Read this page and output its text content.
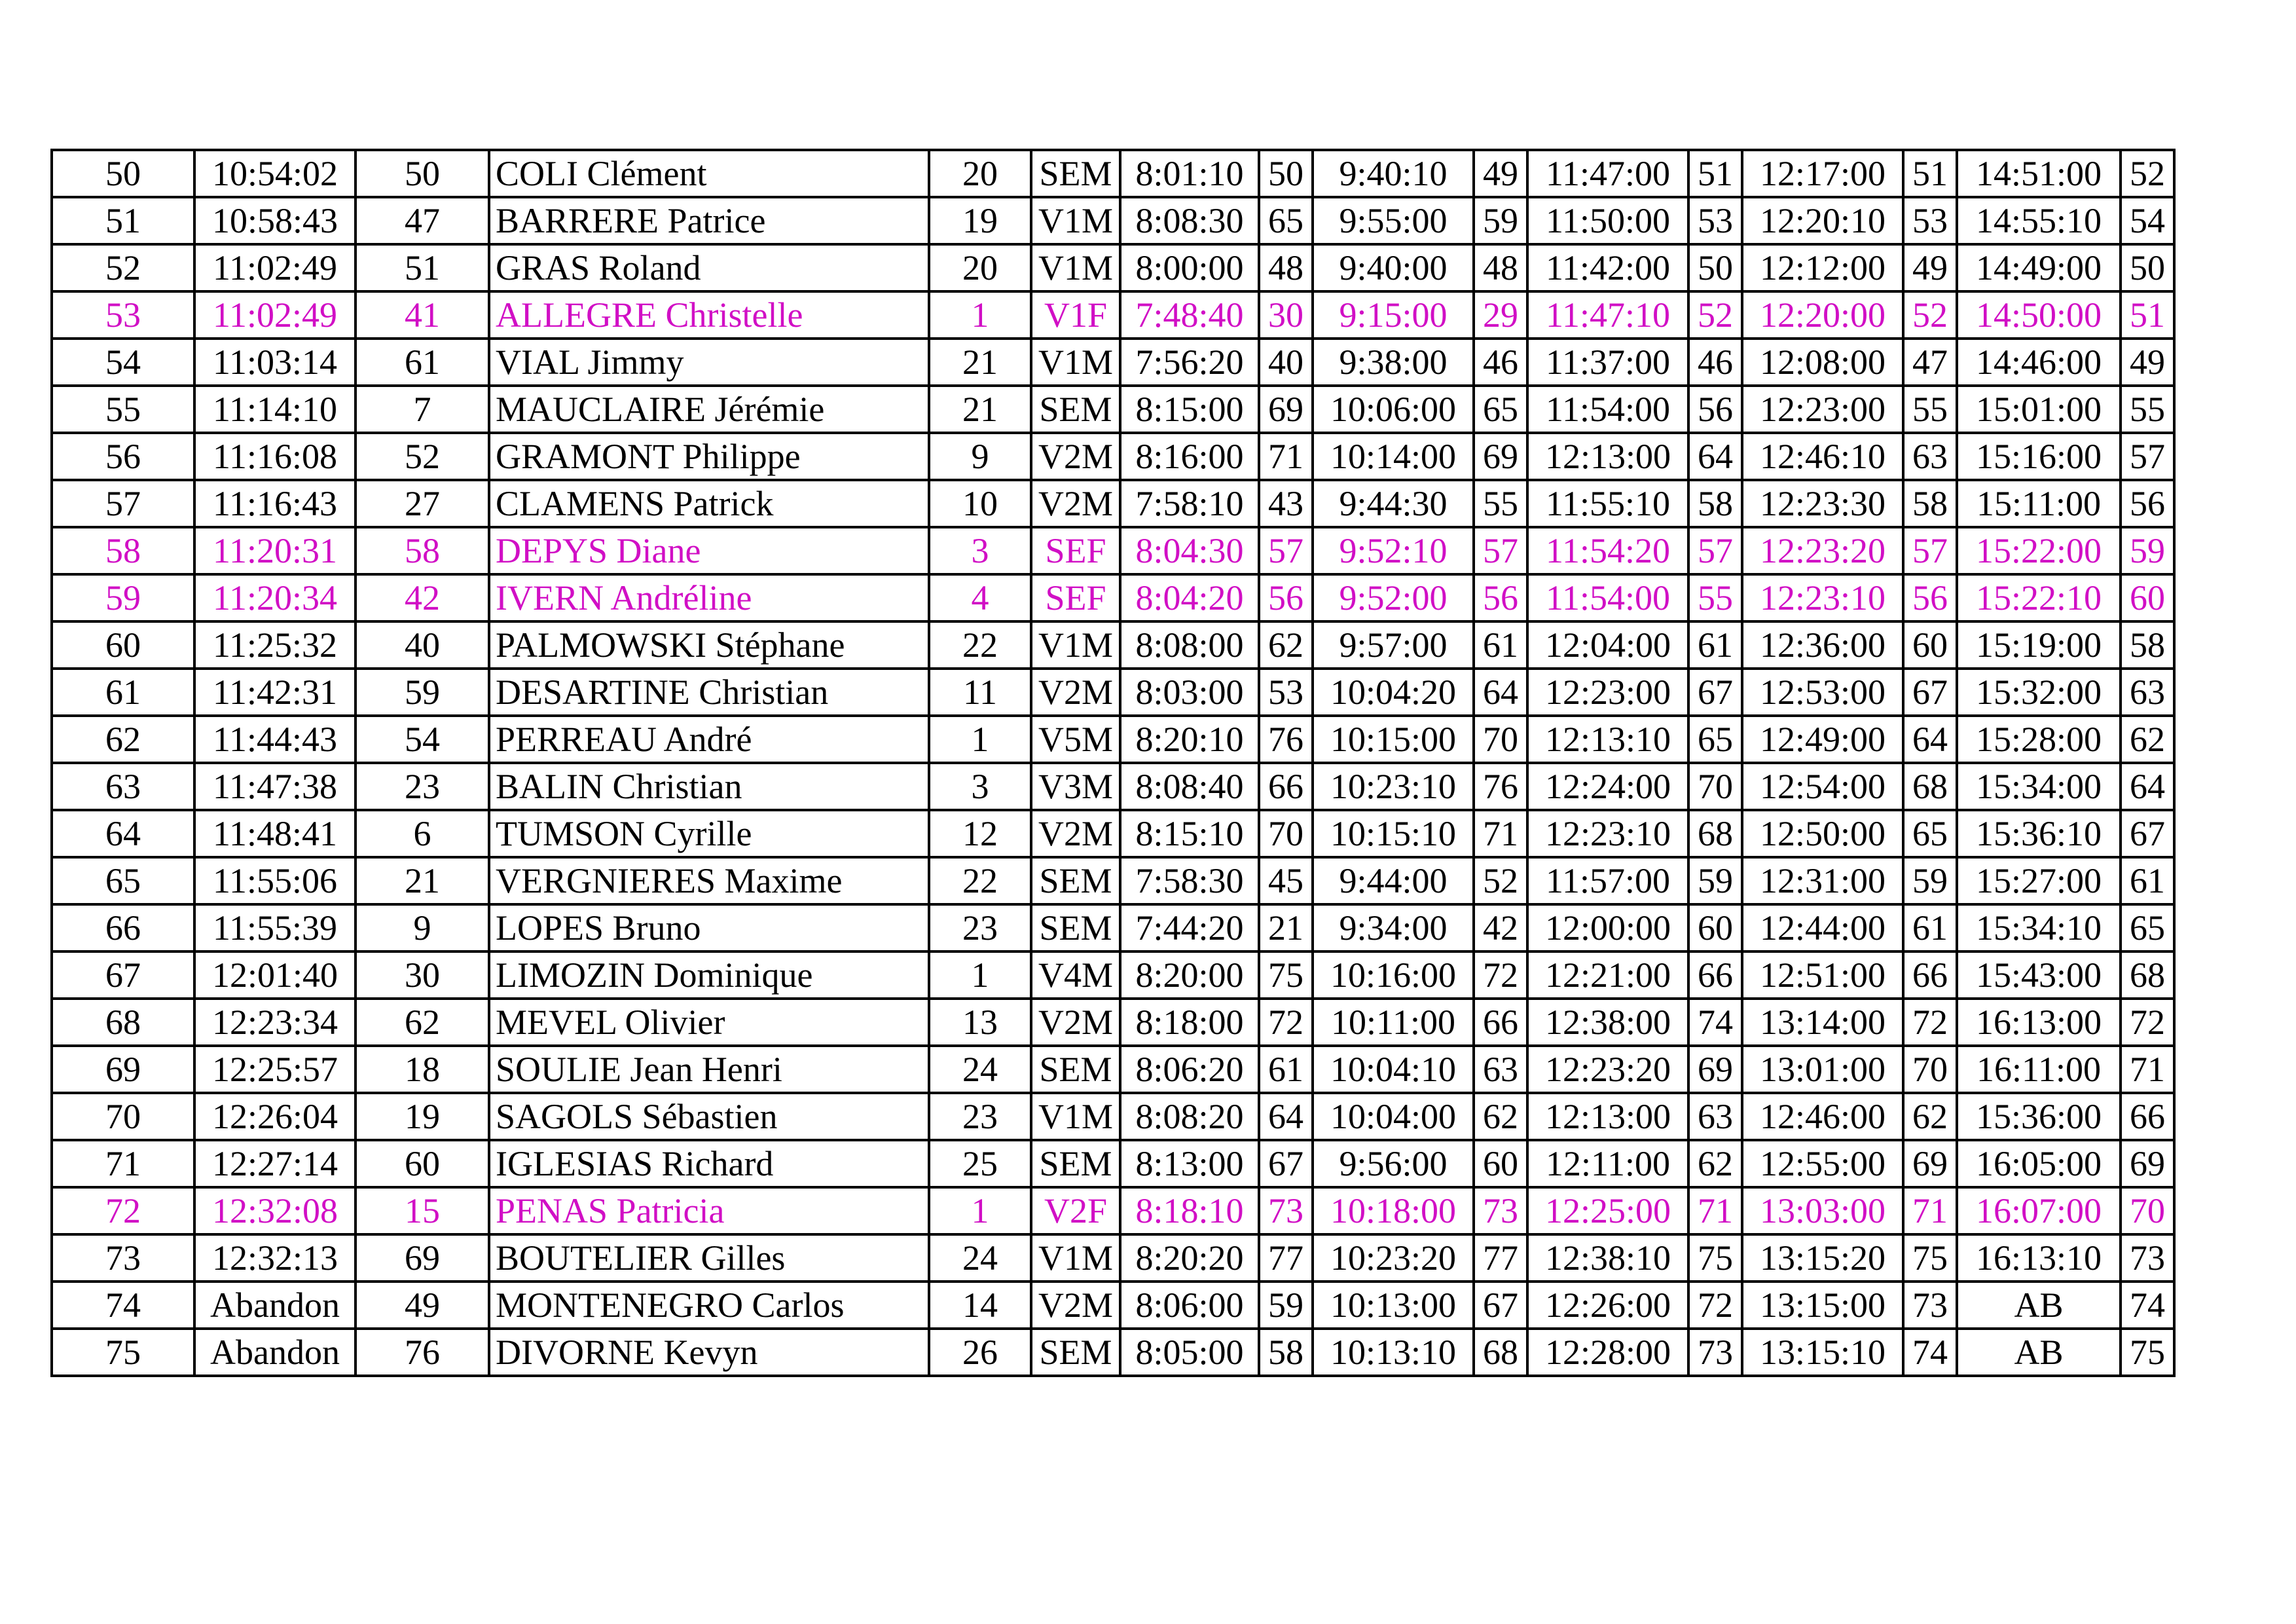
50	10:54:02	50	COLI Clément	20	SEM	8:01:10	50	9:40:10	49	11:47:00	51	12:17:00	51	14:51:00	52
51	10:58:43	47	BARRERE Patrice	19	V1M	8:08:30	65	9:55:00	59	11:50:00	53	12:20:10	53	14:55:10	54
52	11:02:49	51	GRAS Roland	20	V1M	8:00:00	48	9:40:00	48	11:42:00	50	12:12:00	49	14:49:00	50
53	11:02:49	41	ALLEGRE Christelle	1	V1F	7:48:40	30	9:15:00	29	11:47:10	52	12:20:00	52	14:50:00	51
54	11:03:14	61	VIAL Jimmy	21	V1M	7:56:20	40	9:38:00	46	11:37:00	46	12:08:00	47	14:46:00	49
55	11:14:10	7	MAUCLAIRE Jérémie	21	SEM	8:15:00	69	10:06:00	65	11:54:00	56	12:23:00	55	15:01:00	55
56	11:16:08	52	GRAMONT Philippe	9	V2M	8:16:00	71	10:14:00	69	12:13:00	64	12:46:10	63	15:16:00	57
57	11:16:43	27	CLAMENS Patrick	10	V2M	7:58:10	43	9:44:30	55	11:55:10	58	12:23:30	58	15:11:00	56
58	11:20:31	58	DEPYS Diane	3	SEF	8:04:30	57	9:52:10	57	11:54:20	57	12:23:20	57	15:22:00	59
59	11:20:34	42	IVERN Andréline	4	SEF	8:04:20	56	9:52:00	56	11:54:00	55	12:23:10	56	15:22:10	60
60	11:25:32	40	PALMOWSKI Stéphane	22	V1M	8:08:00	62	9:57:00	61	12:04:00	61	12:36:00	60	15:19:00	58
61	11:42:31	59	DESARTINE Christian	11	V2M	8:03:00	53	10:04:20	64	12:23:00	67	12:53:00	67	15:32:00	63
62	11:44:43	54	PERREAU André	1	V5M	8:20:10	76	10:15:00	70	12:13:10	65	12:49:00	64	15:28:00	62
63	11:47:38	23	BALIN Christian	3	V3M	8:08:40	66	10:23:10	76	12:24:00	70	12:54:00	68	15:34:00	64
64	11:48:41	6	TUMSON Cyrille	12	V2M	8:15:10	70	10:15:10	71	12:23:10	68	12:50:00	65	15:36:10	67
65	11:55:06	21	VERGNIERES Maxime	22	SEM	7:58:30	45	9:44:00	52	11:57:00	59	12:31:00	59	15:27:00	61
66	11:55:39	9	LOPES Bruno	23	SEM	7:44:20	21	9:34:00	42	12:00:00	60	12:44:00	61	15:34:10	65
67	12:01:40	30	LIMOZIN Dominique	1	V4M	8:20:00	75	10:16:00	72	12:21:00	66	12:51:00	66	15:43:00	68
68	12:23:34	62	MEVEL Olivier	13	V2M	8:18:00	72	10:11:00	66	12:38:00	74	13:14:00	72	16:13:00	72
69	12:25:57	18	SOULIE Jean Henri	24	SEM	8:06:20	61	10:04:10	63	12:23:20	69	13:01:00	70	16:11:00	71
70	12:26:04	19	SAGOLS Sébastien	23	V1M	8:08:20	64	10:04:00	62	12:13:00	63	12:46:00	62	15:36:00	66
71	12:27:14	60	IGLESIAS Richard	25	SEM	8:13:00	67	9:56:00	60	12:11:00	62	12:55:00	69	16:05:00	69
72	12:32:08	15	PENAS Patricia	1	V2F	8:18:10	73	10:18:00	73	12:25:00	71	13:03:00	71	16:07:00	70
73	12:32:13	69	BOUTELIER Gilles	24	V1M	8:20:20	77	10:23:20	77	12:38:10	75	13:15:20	75	16:13:10	73
74	Abandon	49	MONTENEGRO Carlos	14	V2M	8:06:00	59	10:13:00	67	12:26:00	72	13:15:00	73	AB	74
75	Abandon	76	DIVORNE Kevyn	26	SEM	8:05:00	58	10:13:10	68	12:28:00	73	13:15:10	74	AB	75
